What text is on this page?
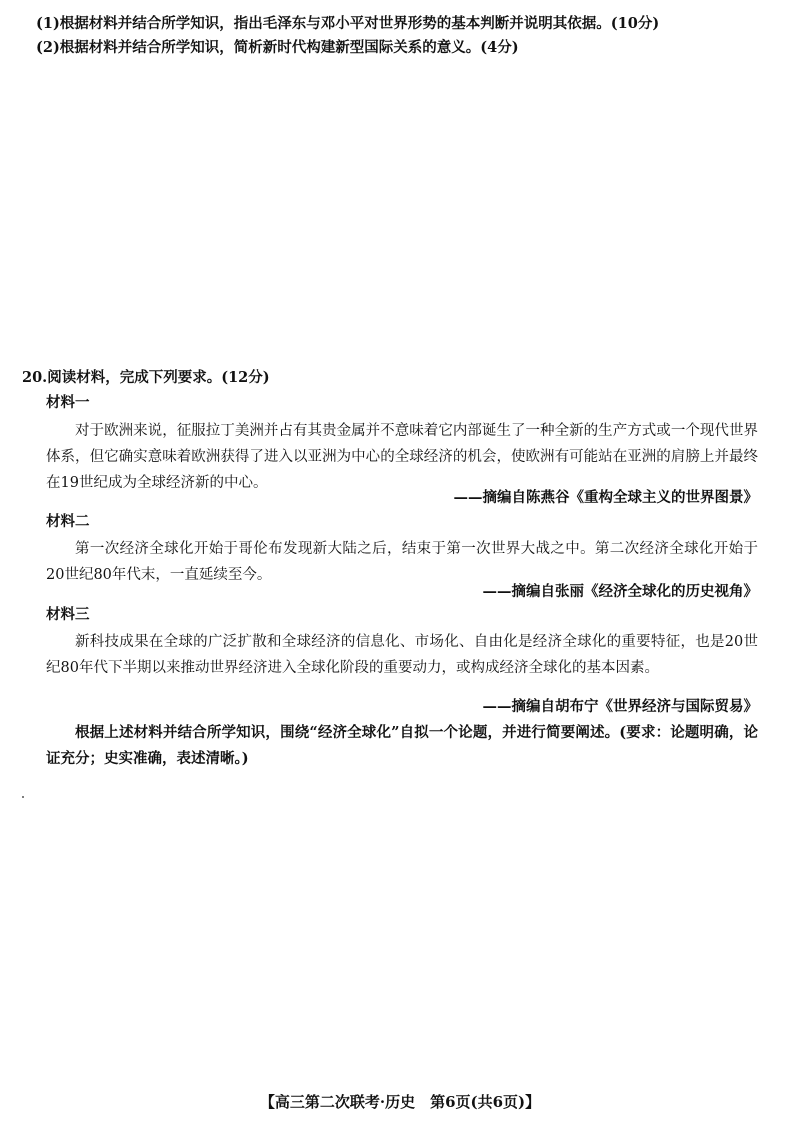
(1)根据材料并结合所学知识，指出毛泽东与邓小平对世界形势的基本判断并说明其依据。(10分)
(2)根据材料并结合所学知识，简析新时代构建新型国际关系的意义。(4分)
20.阅读材料，完成下列要求。(12分)
材料一
对于欧洲来说，征服拉丁美洲并占有其贵金属并不意味着它内部诞生了一种全新的生产方式或一个现代世界体系，但它确实意味着欧洲获得了进入以亚洲为中心的全球经济的机会，使欧洲有可能站在亚洲的肩膀上并最终在19世纪成为全球经济新的中心。
——摘编自陈燕谷《重构全球主义的世界图景》
材料二
第一次经济全球化开始于哥伦布发现新大陆之后，结束于第一次世界大战之中。第二次经济全球化开始于20世纪80年代末，一直延续至今。
——摘编自张丽《经济全球化的历史视角》
材料三
新科技成果在全球的广泛扩散和全球经济的信息化、市场化、自由化是经济全球化的重要特征，也是20世纪80年代下半期以来推动世界经济进入全球化阶段的重要动力，或构成经济全球化的基本因素。
——摘编自胡布宁《世界经济与国际贸易》
根据上述材料并结合所学知识，围绕“经济全球化”自拟一个论题，并进行简要阐述。(要求：论题明确，论证充分；史实准确，表述清晰。)
【高三第二次联考·历史　第6页(共6页)】
